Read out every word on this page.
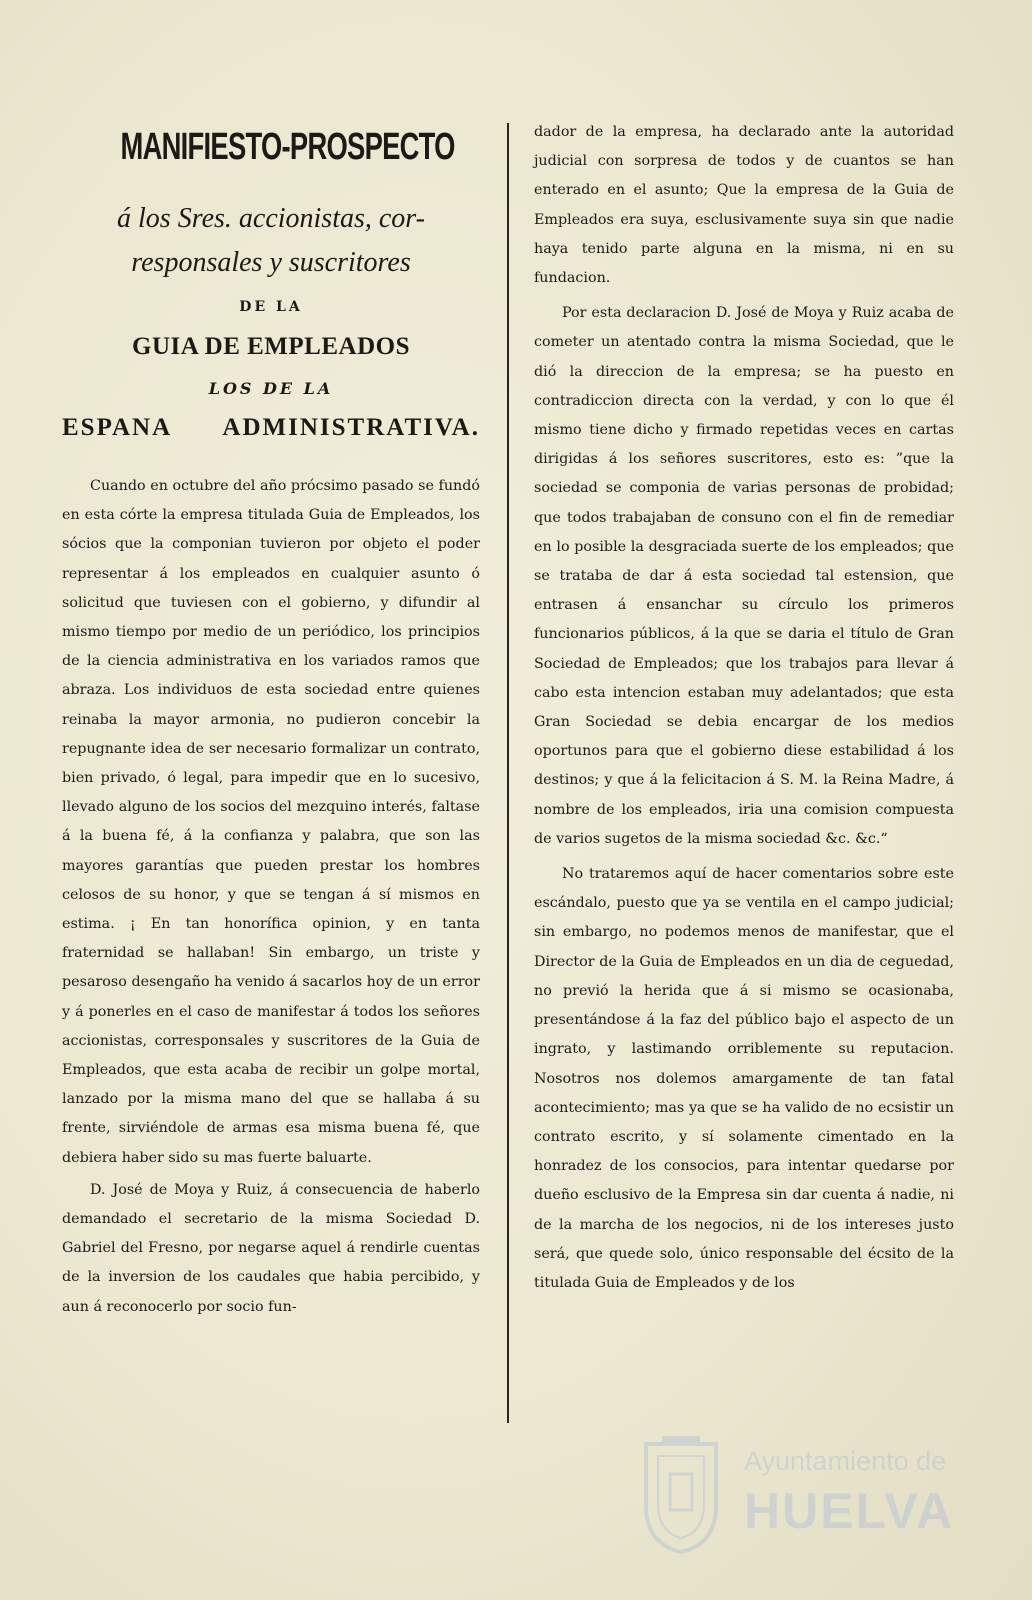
MANIFIESTO-PROSPECTO

á los Sres. accionistas, cor-

responsales y suscritores

DE LA
GUIA DE EMPLEADOS
LOS DE LA
ESPANA ADMINISTRATIVA.

Cuando en octubre del año prócsimo pasado se fundó en esta córte la empresa titulada Guia de Empleados, los sócios que la componian tuvieron por objeto el poder representar á los empleados en cualquier asunto ó solicitud que tuviesen con el gobierno, y difundir al mismo tiempo por medio de un periódico, los principios de la ciencia administrativa en los variados ramos que abraza. Los individuos de esta sociedad entre quienes reinaba la mayor armonia, no pudieron concebir la repugnante idea de ser necesario formalizar un contrato, bien privado, ó legal, para impedir que en lo sucesivo, llevado alguno de los socios del mezquino interés, faltase á la buena fé, á la confianza y palabra, que son las mayores garantías que pueden prestar los hombres celosos de su honor, y que se tengan á sí mismos en estima. ¡ En tan honorífica opinion, y en tanta fraternidad se hallaban! Sin embargo, un triste y pesaroso desengaño ha venido á sacarlos hoy de un error y á ponerles en el caso de manifestar á todos los señores accionistas, corresponsales y suscritores de la Guia de Empleados, que esta acaba de recibir un golpe mortal, lanzado por la misma mano del que se hallaba á su frente, sirviéndole de armas esa misma buena fé, que debiera haber sido su mas fuerte baluarte.

D. José de Moya y Ruiz, á consecuencia de haberlo demandado el secretario de la misma Sociedad D. Gabriel del Fresno, por negarse aquel á rendirle cuentas de la inversion de los caudales que habia percibido, y aun á reconocerlo por socio fun-

dador de la empresa, ha declarado ante la autoridad judicial con sorpresa de todos y de cuantos se han enterado en el asunto; Que la empresa de la Guia de Empleados era suya, esclusivamente suya sin que nadie haya tenido parte alguna en la misma, ni en su fundacion.

Por esta declaracion D. José de Moya y Ruiz acaba de cometer un atentado contra la misma Sociedad, que le dió la direccion de la empresa; se ha puesto en contradiccion directa con la verdad, y con lo que él mismo tiene dicho y firmado repetidas veces en cartas dirigidas á los señores suscritores, esto es: ”que la sociedad se componia de varias personas de probidad; que todos trabajaban de consuno con el fin de remediar en lo posible la desgraciada suerte de los empleados; que se trataba de dar á esta sociedad tal estension, que entrasen á ensanchar su círculo los primeros funcionarios públicos, á la que se daria el título de Gran Sociedad de Empleados; que los trabajos para llevar á cabo esta intencion estaban muy adelantados; que esta Gran Sociedad se debia encargar de los medios oportunos para que el gobierno diese estabilidad á los destinos; y que á la felicitacion á S. M. la Reina Madre, á nombre de los empleados, iria una comision compuesta de varios sugetos de la misma sociedad &c. &c.“

No trataremos aquí de hacer comentarios sobre este escándalo, puesto que ya se ventila en el campo judicial; sin embargo, no podemos menos de manifestar, que el Director de la Guia de Empleados en un dia de ceguedad, no previó la herida que á si mismo se ocasionaba, presentándose á la faz del público bajo el aspecto de un ingrato, y lastimando orriblemente su reputacion. Nosotros nos dolemos amargamente de tan fatal acontecimiento; mas ya que se ha valido de no ecsistir un contrato escrito, y sí solamente cimentado en la honradez de los consocios, para intentar quedarse por dueño esclusivo de la Empresa sin dar cuenta á nadie, ni de la marcha de los negocios, ni de los intereses justo será, que quede solo, único responsable del écsito de la titulada Guia de Empleados y de los

Ayuntamiento de
HUELVA
